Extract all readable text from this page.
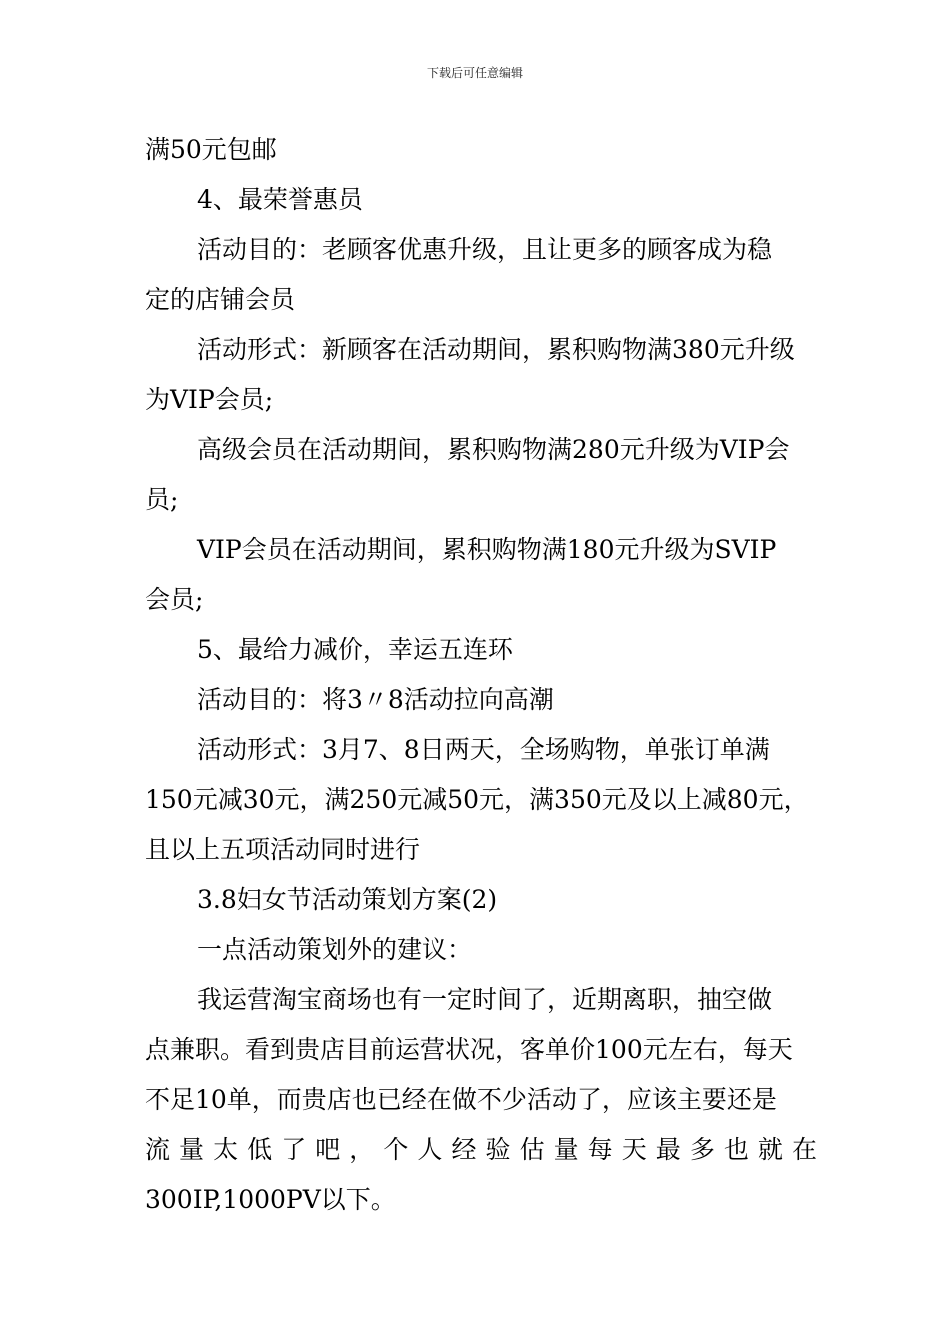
下载后可任意编辑
满50元包邮
4、最荣誉惠员
活动目的：老顾客优惠升级，且让更多的顾客成为稳
定的店铺会员
活动形式：新顾客在活动期间，累积购物满380元升级
为VIP会员;
高级会员在活动期间，累积购物满280元升级为VIP会
员;
VIP会员在活动期间，累积购物满180元升级为SVIP
会员;
5、最给力减价，幸运五连环
活动目的：将3〃8活动拉向高潮
活动形式：3月7、8日两天，全场购物，单张订单满
150元减30元，满250元减50元，满350元及以上减80元，
且以上五项活动同时进行
3.8妇女节活动策划方案(2)
一点活动策划外的建议：
我运营淘宝商场也有一定时间了，近期离职，抽空做
点兼职。看到贵店目前运营状况，客单价100元左右，每天
不足10单，而贵店也已经在做不少活动了，应该主要还是
流量太低了吧，个人经验估量每天最多也就在
300IP,1000PV以下。
